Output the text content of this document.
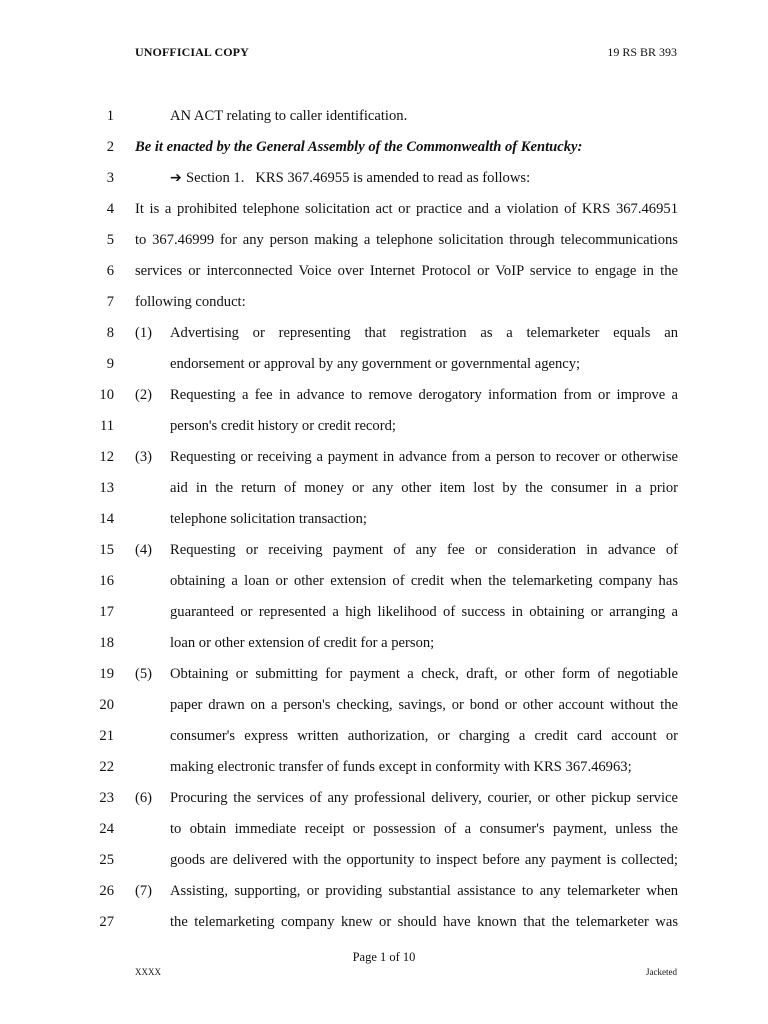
UNOFFICIAL COPY	19 RS BR 393
1	AN ACT relating to caller identification.
2 Be it enacted by the General Assembly of the Commonwealth of Kentucky:
3	➔ Section 1.   KRS 367.46955 is amended to read as follows:
4 It is a prohibited telephone solicitation act or practice and a violation of KRS 367.46951
5 to 367.46999 for any person making a telephone solicitation through telecommunications
6 services or interconnected Voice over Internet Protocol or VoIP service to engage in the
7 following conduct:
8 (1) Advertising or representing that registration as a telemarketer equals an
9	endorsement or approval by any government or governmental agency;
10 (2) Requesting a fee in advance to remove derogatory information from or improve a
11	person's credit history or credit record;
12 (3) Requesting or receiving a payment in advance from a person to recover or otherwise
13	aid in the return of money or any other item lost by the consumer in a prior
14	telephone solicitation transaction;
15 (4) Requesting or receiving payment of any fee or consideration in advance of
16	obtaining a loan or other extension of credit when the telemarketing company has
17	guaranteed or represented a high likelihood of success in obtaining or arranging a
18	loan or other extension of credit for a person;
19 (5) Obtaining or submitting for payment a check, draft, or other form of negotiable
20	paper drawn on a person's checking, savings, or bond or other account without the
21	consumer's express written authorization, or charging a credit card account or
22	making electronic transfer of funds except in conformity with KRS 367.46963;
23 (6) Procuring the services of any professional delivery, courier, or other pickup service
24	to obtain immediate receipt or possession of a consumer's payment, unless the
25	goods are delivered with the opportunity to inspect before any payment is collected;
26 (7) Assisting, supporting, or providing substantial assistance to any telemarketer when
27	the telemarketing company knew or should have known that the telemarketer was
Page 1 of 10
XXXX	Jacketed
